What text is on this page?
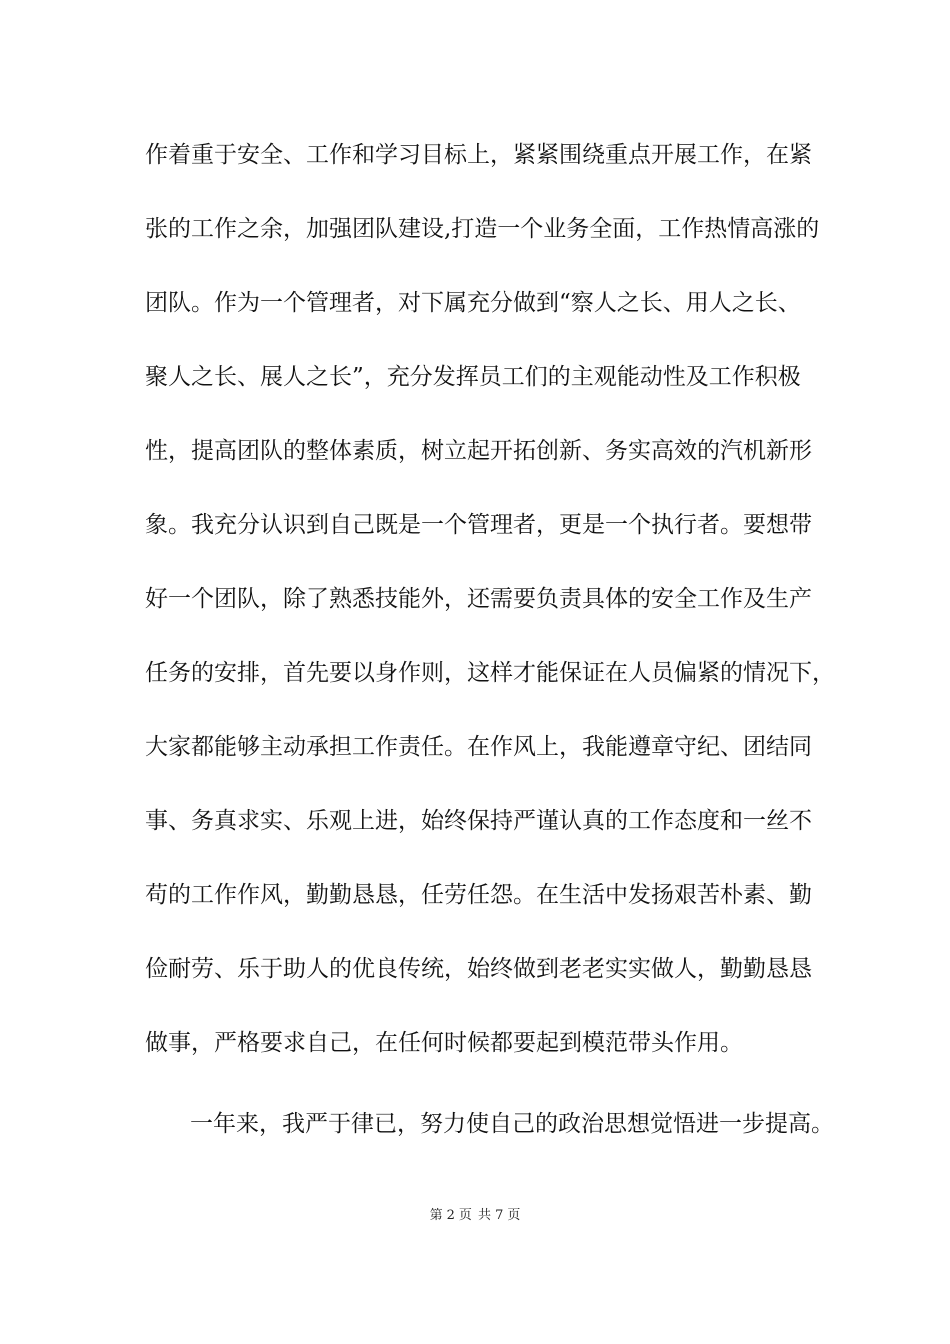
作着重于安全、工作和学习目标上，紧紧围绕重点开展工作，在紧
张的工作之余，加强团队建设,打造一个业务全面，工作热情高涨的
团队。作为一个管理者，对下属充分做到“察人之长、用人之长、
聚人之长、展人之长”，充分发挥员工们的主观能动性及工作积极
性，提高团队的整体素质，树立起开拓创新、务实高效的汽机新形
象。我充分认识到自己既是一个管理者，更是一个执行者。要想带
好一个团队，除了熟悉技能外，还需要负责具体的安全工作及生产
任务的安排，首先要以身作则，这样才能保证在人员偏紧的情况下，
大家都能够主动承担工作责任。在作风上，我能遵章守纪、团结同
事、务真求实、乐观上进，始终保持严谨认真的工作态度和一丝不
苟的工作作风，勤勤恳恳，任劳任怨。在生活中发扬艰苦朴素、勤
俭耐劳、乐于助人的优良传统，始终做到老老实实做人，勤勤恳恳
做事，严格要求自己，在任何时候都要起到模范带头作用。
一年来，我严于律已，努力使自己的政治思想觉悟进一步提高。
第 2 页 共 7 页
